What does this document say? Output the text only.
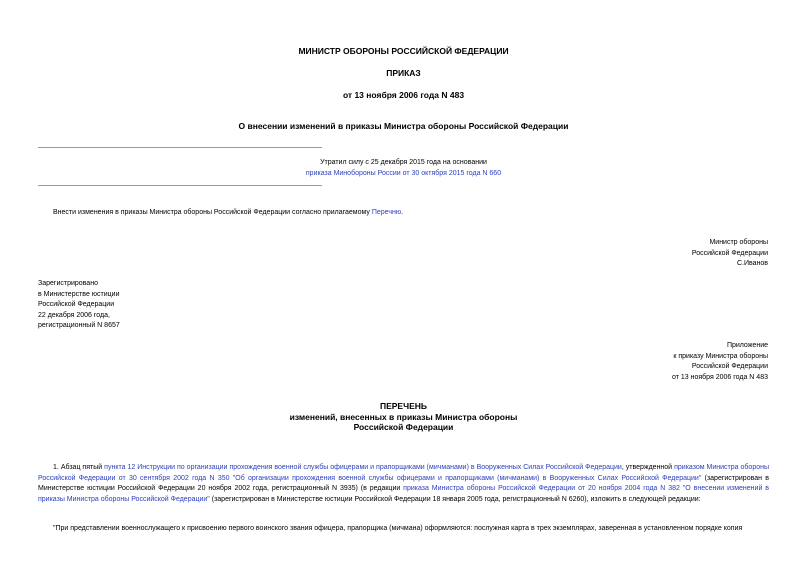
МИНИСТР ОБОРОНЫ РОССИЙСКОЙ ФЕДЕРАЦИИ
ПРИКАЗ
от 13 ноября 2006 года N 483
О внесении изменений в приказы Министра обороны Российской Федерации
Утратил силу с 25 декабря 2015 года на основании
приказа Минобороны России от 30 октября 2015 года N 660
Внести изменения в приказы Министра обороны Российской Федерации согласно прилагаемому Перечню.
Министр обороны
Российской Федерации
С.Иванов
Зарегистрировано
в Министерстве юстиции
Российской Федерации
22 декабря 2006 года,
регистрационный N 8657
Приложение
к приказу Министра обороны
Российской Федерации
от 13 ноября 2006 года N 483
ПЕРЕЧЕНЬ
изменений, внесенных в приказы Министра обороны
Российской Федерации
1. Абзац пятый пункта 12 Инструкции по организации прохождения военной службы офицерами и прапорщиками (мичманами) в Вооруженных Силах Российской Федерации, утвержденной приказом Министра обороны Российской Федерации от 30 сентября 2002 года N 350 "Об организации прохождения военной службы офицерами и прапорщиками (мичманами) в Вооруженных Силах Российской Федерации" (зарегистрирован в Министерстве юстиции Российской Федерации 20 ноября 2002 года, регистрационный N 3935) (в редакции приказа Министра обороны Российской Федерации от 20 ноября 2004 года N 382 "О внесении изменений в приказы Министра обороны Российской Федерации" (зарегистрирован в Министерстве юстиции Российской Федерации 18 января 2005 года, регистрационный N 6260), изложить в следующей редакции:
"При представлении военнослужащего к присвоению первого воинского звания офицера, прапорщика (мичмана) оформляются: послужная карта в трех экземплярах, заверенная в установленном порядке копия
